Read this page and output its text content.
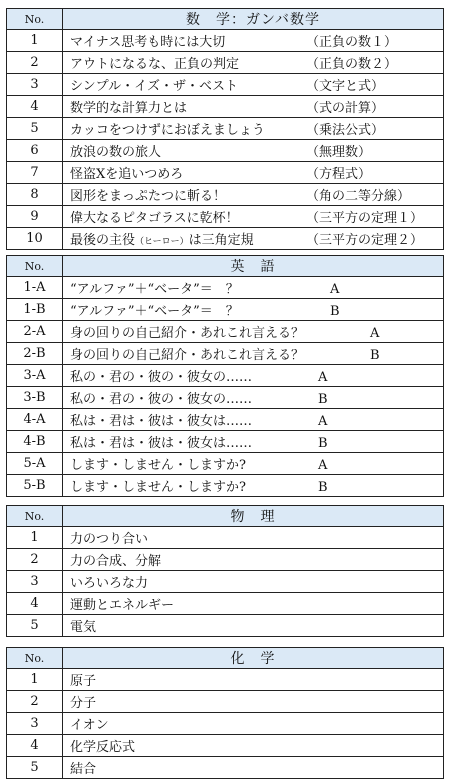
No.	数　学：ガンバ数学
1	マイナス思考も時には大切 （正負の数１）
2	アウトになるな、正負の判定 （正負の数２）
3	シンプル・イズ・ザ・ベスト （文字と式）
4	数学的な計算力とは （式の計算）
5	カッコをつけずにおぼえましょう （乗法公式）
6	放浪の数の旅人 （無理数）
7	怪盗Xを追いつめろ （方程式）
8	図形をまっぷたつに斬る！ （角の二等分線）
9	偉大なるピタゴラスに乾杯！ （三平方の定理１）
10	最後の主役（ヒーロー）は三角定規 （三平方の定理２）
No.	英　語
1-A	“アルファ”＋“ベータ”＝　？ A
1-B	“アルファ”＋“ベータ”＝　？ B
2-A	身の回りの自己紹介・あれこれ言える？ A
2-B	身の回りの自己紹介・あれこれ言える？ B
3-A	私の・君の・彼の・彼女の…… A
3-B	私の・君の・彼の・彼女の…… B
4-A	私は・君は・彼は・彼女は…… A
4-B	私は・君は・彼は・彼女は…… B
5-A	します・しません・しますか? A
5-B	します・しません・しますか? B
No.	物　理
1	力のつり合い
2	力の合成、分解
3	いろいろな力
4	運動とエネルギー
5	電気
No.	化　学
1	原子
2	分子
3	イオン
4	化学反応式
5	結合
